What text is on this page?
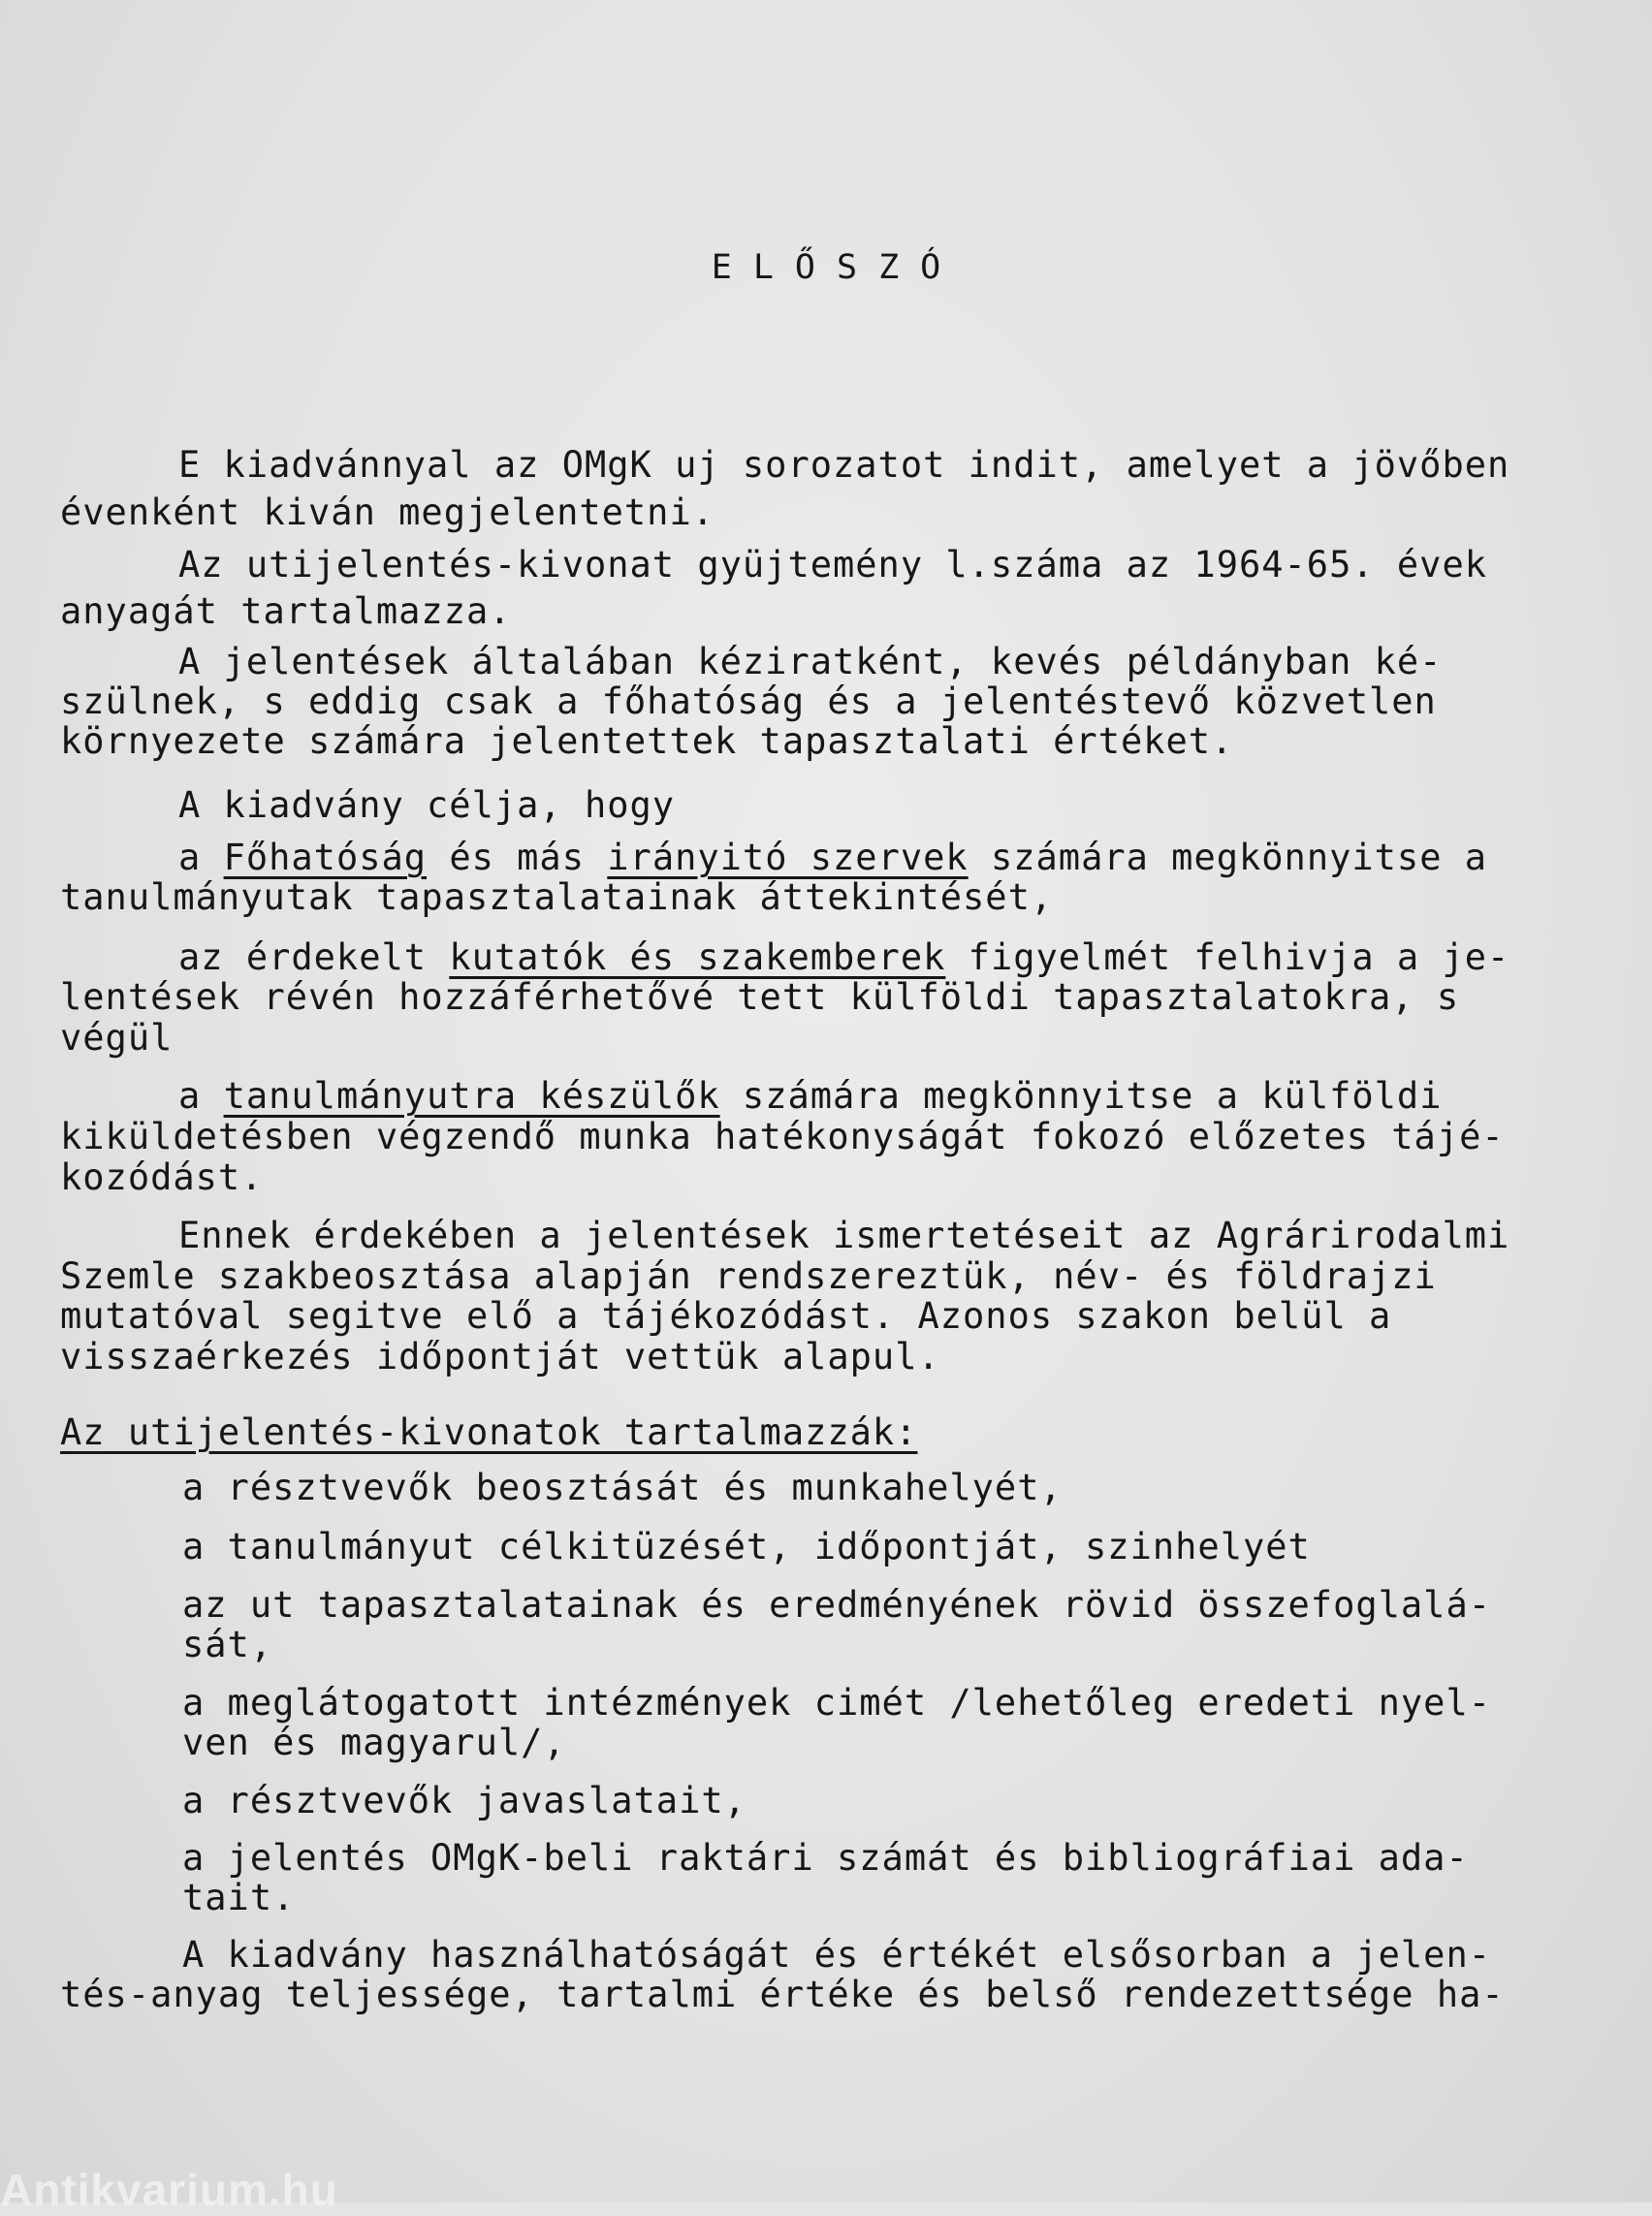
ELŐSZÓ
E kiadvánnyal az OMgK uj sorozatot indit, amelyet a jövőben
évenként kiván megjelentetni.
Az utijelentés-kivonat gyüjtemény l.száma az 1964-65. évek
anyagát tartalmazza.
A jelentések általában kéziratként, kevés példányban ké-
szülnek, s eddig csak a főhatóság és a jelentéstevő közvetlen
környezete számára jelentettek tapasztalati értéket.
A kiadvány célja, hogy
a Főhatóság és más irányitó szervek számára megkönnyitse a
tanulmányutak tapasztalatainak áttekintését,
az érdekelt kutatók és szakemberek figyelmét felhivja a je-
lentések révén hozzáférhetővé tett külföldi tapasztalatokra, s
végül
a tanulmányutra készülők számára megkönnyitse a külföldi
kiküldetésben végzendő munka hatékonyságát fokozó előzetes tájé-
kozódást.
Ennek érdekében a jelentések ismertetéseit az Agrárirodalmi
Szemle szakbeosztása alapján rendszereztük, név- és földrajzi
mutatóval segitve elő a tájékozódást. Azonos szakon belül a
visszaérkezés időpontját vettük alapul.
Az utijelentés-kivonatok tartalmazzák:
a résztvevők beosztását és munkahelyét,
a tanulmányut célkitüzését, időpontját, szinhelyét
az ut tapasztalatainak és eredményének rövid összefoglalá-
sát,
a meglátogatott intézmények cimét /lehetőleg eredeti nyel-
ven és magyarul/,
a résztvevők javaslatait,
a jelentés OMgK-beli raktári számát és bibliográfiai ada-
tait.
A kiadvány használhatóságát és értékét elsősorban a jelen-
tés-anyag teljessége, tartalmi értéke és belső rendezettsége ha-
Antikvarium.hu
